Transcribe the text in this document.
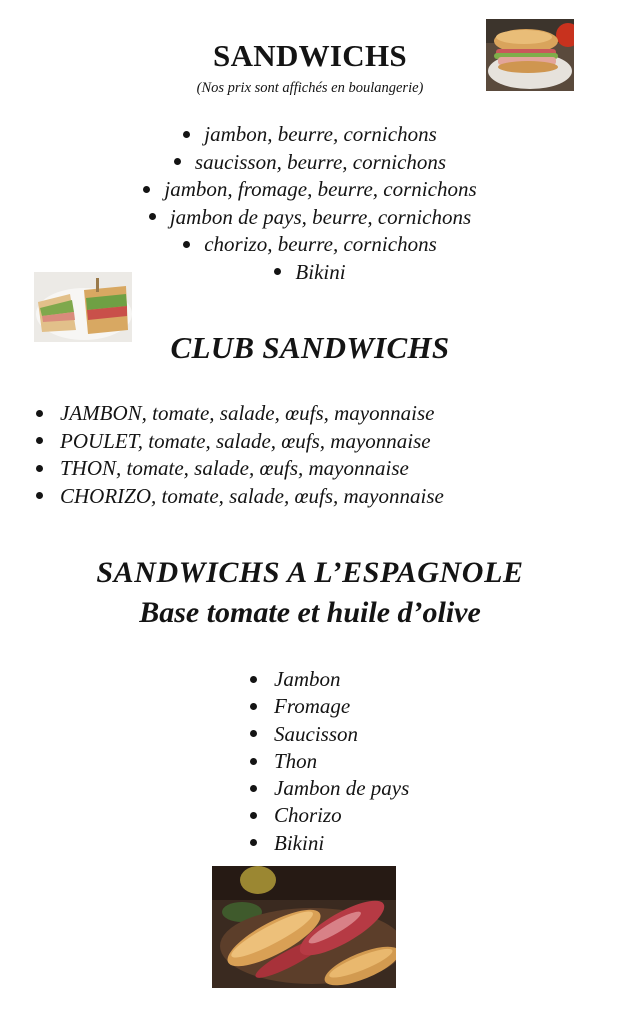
SANDWICHS
(Nos prix sont affichés en boulangerie)
jambon, beurre, cornichons
saucisson, beurre, cornichons
jambon, fromage, beurre, cornichons
jambon de pays, beurre, cornichons
chorizo, beurre, cornichons
Bikini
CLUB SANDWICHS
JAMBON, tomate, salade, œufs, mayonnaise
POULET, tomate, salade, œufs, mayonnaise
THON, tomate, salade, œufs, mayonnaise
CHORIZO, tomate, salade, œufs, mayonnaise
SANDWICHS A L’ESPAGNOLE
Base tomate et huile d’olive
Jambon
Fromage
Saucisson
Thon
Jambon de pays
Chorizo
Bikini
